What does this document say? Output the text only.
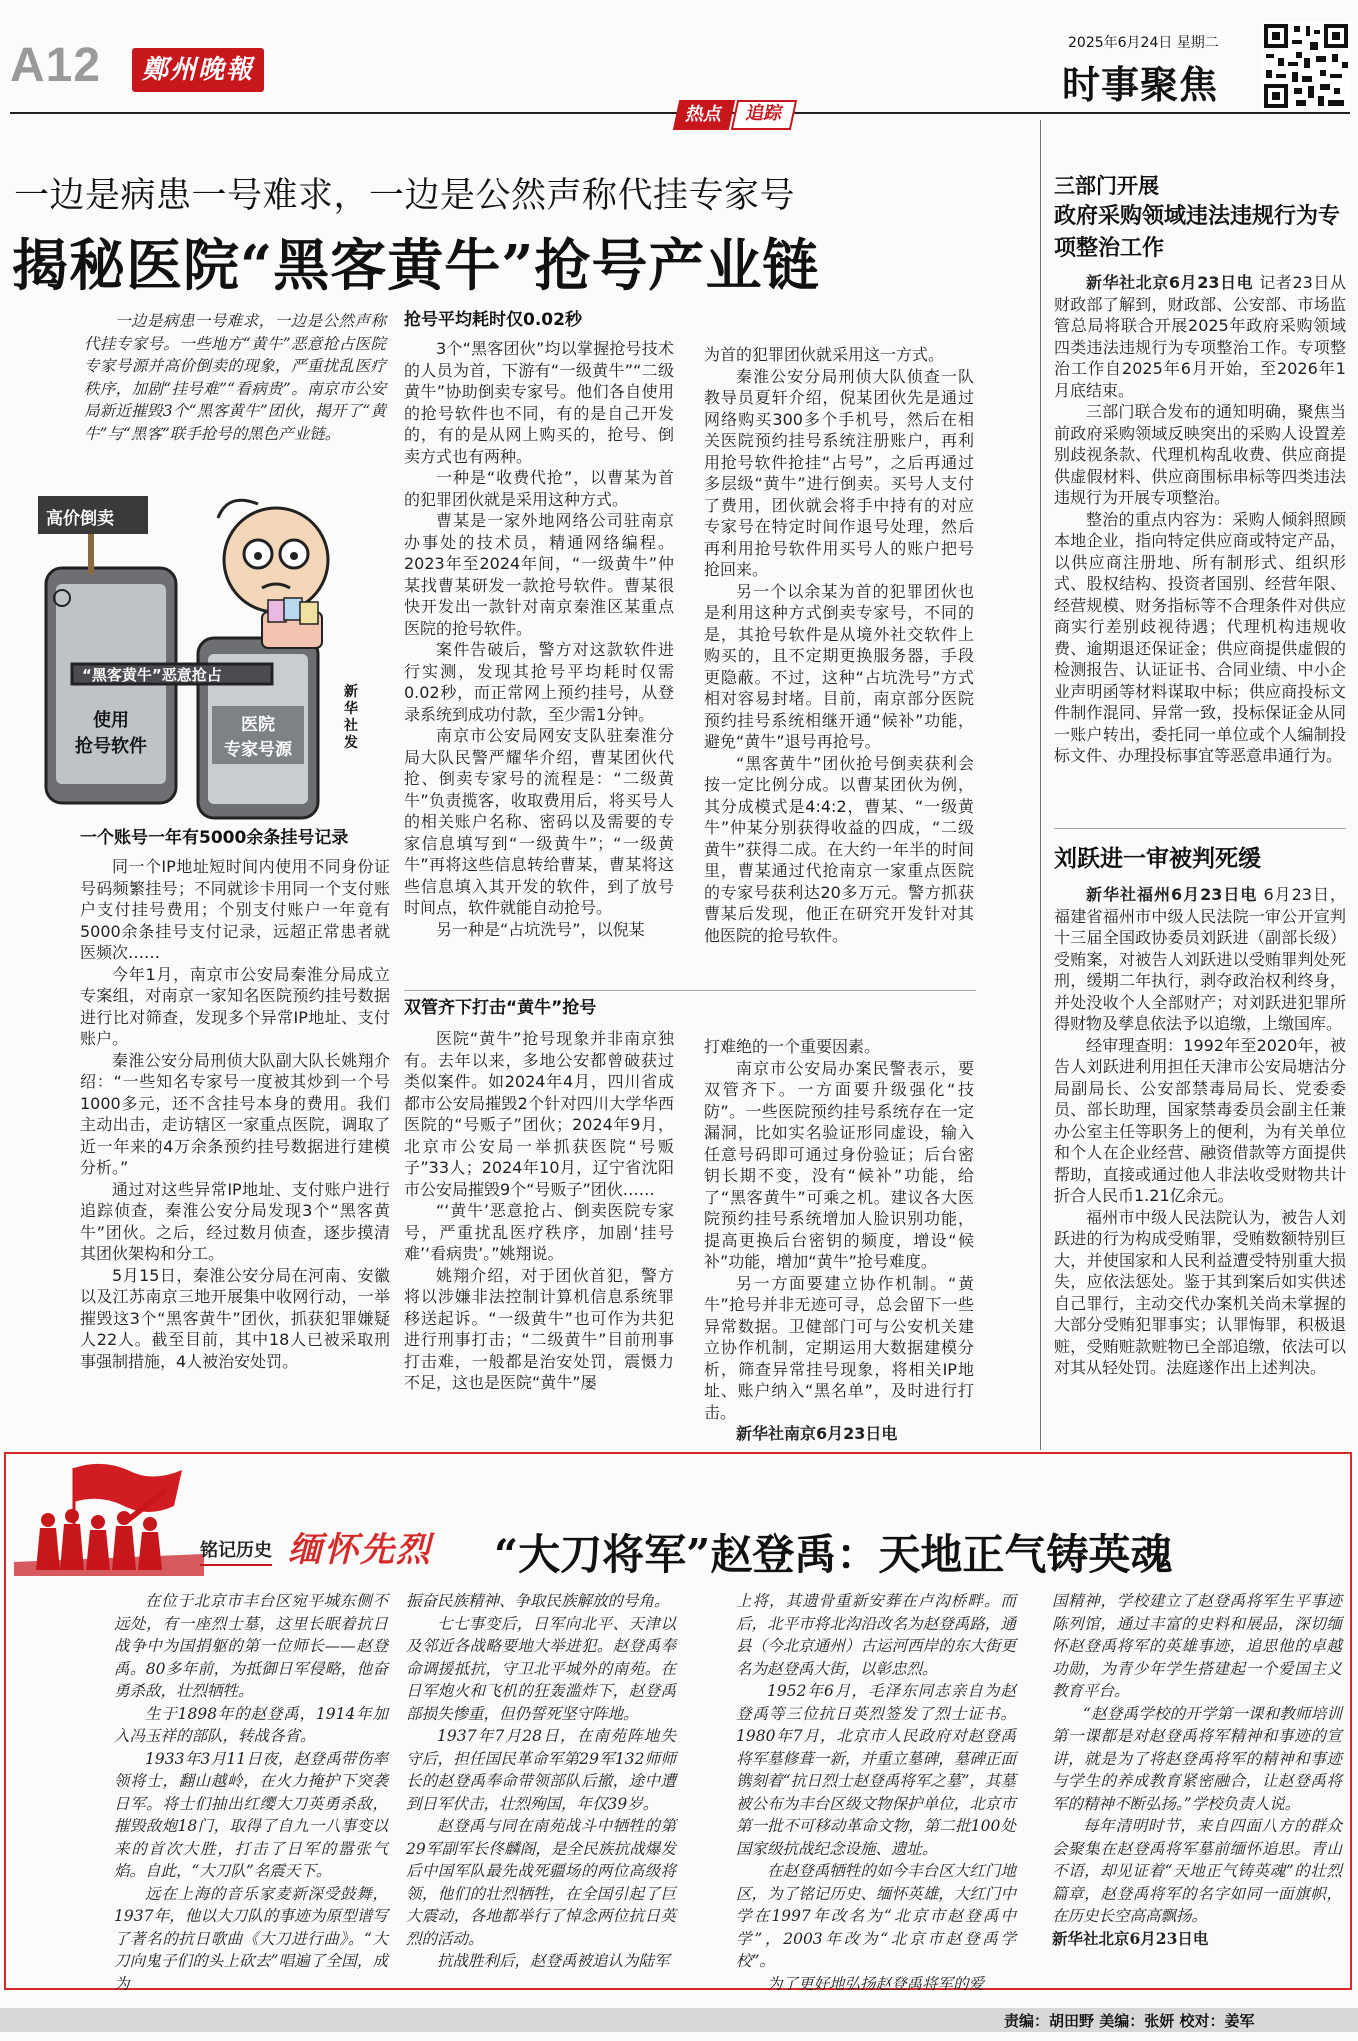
A12	鄭州晚報
2025年6月24日 星期二
时事聚焦
热点	追踪
一边是病患一号难求，一边是公然声称代挂专家号
揭秘医院“黑客黄牛”抢号产业链
一边是病患一号难求，一边是公然声称代挂专家号。一些地方“黄牛”恶意抢占医院专家号源并高价倒卖的现象，严重扰乱医疗秩序，加剧“挂号难”“看病贵”。南京市公安局新近摧毁3个“黑客黄牛”团伙，揭开了“黄牛”与“黑客”联手抢号的黑色产业链。
高价倒卖
“黑客黄牛”恶意抢占
使用
抢号软件
医院
专家号源
新华社发

一个账号一年有5000余条挂号记录

同一个IP地址短时间内使用不同身份证号码频繁挂号；不同就诊卡用同一个支付账户支付挂号费用；个别支付账户一年竟有5000余条挂号支付记录，远超正常患者就医频次……

今年1月，南京市公安局秦淮分局成立专案组，对南京一家知名医院预约挂号数据进行比对筛查，发现多个异常IP地址、支付账户。

秦淮公安分局刑侦大队副大队长姚翔介绍：“一些知名专家号一度被其炒到一个号1000多元，还不含挂号本身的费用。我们主动出击，走访辖区一家重点医院，调取了近一年来的4万余条预约挂号数据进行建模分析。”

通过对这些异常IP地址、支付账户进行追踪侦查，秦淮公安分局发现3个“黑客黄牛”团伙。之后，经过数月侦查，逐步摸清其团伙架构和分工。

5月15日，秦淮公安分局在河南、安徽以及江苏南京三地开展集中收网行动，一举摧毁这3个“黑客黄牛”团伙，抓获犯罪嫌疑人22人。截至目前，其中18人已被采取刑事强制措施，4人被治安处罚。

抢号平均耗时仅0.02秒

3个“黑客团伙”均以掌握抢号技术的人员为首，下游有“一级黄牛”“二级黄牛”协助倒卖专家号。他们各自使用的抢号软件也不同，有的是自己开发的，有的是从网上购买的，抢号、倒卖方式也有两种。

一种是“收费代抢”，以曹某为首的犯罪团伙就是采用这种方式。

曹某是一家外地网络公司驻南京办事处的技术员，精通网络编程。2023年至2024年间，“一级黄牛”仲某找曹某研发一款抢号软件。曹某很快开发出一款针对南京秦淮区某重点医院的抢号软件。

案件告破后，警方对这款软件进行实测，发现其抢号平均耗时仅需0.02秒，而正常网上预约挂号，从登录系统到成功付款，至少需1分钟。

南京市公安局网安支队驻秦淮分局大队民警严耀华介绍，曹某团伙代抢、倒卖专家号的流程是：“二级黄牛”负责揽客，收取费用后，将买号人的相关账户名称、密码以及需要的专家信息填写到“一级黄牛”；“一级黄牛”再将这些信息转给曹某，曹某将这些信息填入其开发的软件，到了放号时间点，软件就能自动抢号。

另一种是“占坑洗号”，以倪某

为首的犯罪团伙就采用这一方式。

秦淮公安分局刑侦大队侦查一队教导员夏轩介绍，倪某团伙先是通过网络购买300多个手机号，然后在相关医院预约挂号系统注册账户，再利用抢号软件抢挂“占号”，之后再通过多层级“黄牛”进行倒卖。买号人支付了费用，团伙就会将手中持有的对应专家号在特定时间作退号处理，然后再利用抢号软件用买号人的账户把号抢回来。

另一个以余某为首的犯罪团伙也是利用这种方式倒卖专家号，不同的是，其抢号软件是从境外社交软件上购买的，且不定期更换服务器，手段更隐蔽。不过，这种“占坑洗号”方式相对容易封堵。目前，南京部分医院预约挂号系统相继开通“候补”功能，避免“黄牛”退号再抢号。

“黑客黄牛”团伙抢号倒卖获利会按一定比例分成。以曹某团伙为例，其分成模式是4:4:2，曹某、“一级黄牛”仲某分别获得收益的四成，“二级黄牛”获得二成。在大约一年半的时间里，曹某通过代抢南京一家重点医院的专家号获利达20多万元。警方抓获曹某后发现，他正在研究开发针对其他医院的抢号软件。

双管齐下打击“黄牛”抢号

医院“黄牛”抢号现象并非南京独有。去年以来，多地公安都曾破获过类似案件。如2024年4月，四川省成都市公安局摧毁2个针对四川大学华西医院的“号贩子”团伙；2024年9月，北京市公安局一举抓获医院“号贩子”33人；2024年10月，辽宁省沈阳市公安局摧毁9个“号贩子”团伙……

“‘黄牛’恶意抢占、倒卖医院专家号，严重扰乱医疗秩序，加剧‘挂号难’‘看病贵’。”姚翔说。

姚翔介绍，对于团伙首犯，警方将以涉嫌非法控制计算机信息系统罪移送起诉。“一级黄牛”也可作为共犯进行刑事打击；“二级黄牛”目前刑事打击难，一般都是治安处罚，震慑力不足，这也是医院“黄牛”屡

打难绝的一个重要因素。

南京市公安局办案民警表示，要双管齐下。一方面要升级强化“技防”。一些医院预约挂号系统存在一定漏洞，比如实名验证形同虚设，输入任意号码即可通过身份验证；后台密钥长期不变，没有“候补”功能，给了“黑客黄牛”可乘之机。建议各大医院预约挂号系统增加人脸识别功能，提高更换后台密钥的频度，增设“候补”功能，增加“黄牛”抢号难度。

另一方面要建立协作机制。“黄牛”抢号并非无迹可寻，总会留下一些异常数据。卫健部门可与公安机关建立协作机制，定期运用大数据建模分析，筛查异常挂号现象，将相关IP地址、账户纳入“黑名单”，及时进行打击。

新华社南京6月23日电

三部门开展
政府采购领域违法违规行为专项整治工作

新华社北京6月23日电 记者23日从财政部了解到，财政部、公安部、市场监管总局将联合开展2025年政府采购领域四类违法违规行为专项整治工作。专项整治工作自2025年6月开始，至2026年1月底结束。

三部门联合发布的通知明确，聚焦当前政府采购领域反映突出的采购人设置差别歧视条款、代理机构乱收费、供应商提供虚假材料、供应商围标串标等四类违法违规行为开展专项整治。

整治的重点内容为：采购人倾斜照顾本地企业，指向特定供应商或特定产品，以供应商注册地、所有制形式、组织形式、股权结构、投资者国别、经营年限、经营规模、财务指标等不合理条件对供应商实行差别歧视待遇；代理机构违规收费、逾期退还保证金；供应商提供虚假的检测报告、认证证书、合同业绩、中小企业声明函等材料谋取中标；供应商投标文件制作混同、异常一致，投标保证金从同一账户转出，委托同一单位或个人编制投标文件、办理投标事宜等恶意串通行为。

刘跃进一审被判死缓

新华社福州6月23日电 6月23日，福建省福州市中级人民法院一审公开宣判十三届全国政协委员刘跃进（副部长级）受贿案，对被告人刘跃进以受贿罪判处死刑，缓期二年执行，剥夺政治权利终身，并处没收个人全部财产；对刘跃进犯罪所得财物及孳息依法予以追缴，上缴国库。

经审理查明：1992年至2020年，被告人刘跃进利用担任天津市公安局塘沽分局副局长、公安部禁毒局局长、党委委员、部长助理，国家禁毒委员会副主任兼办公室主任等职务上的便利，为有关单位和个人在企业经营、融资借款等方面提供帮助，直接或通过他人非法收受财物共计折合人民币1.21亿余元。

福州市中级人民法院认为，被告人刘跃进的行为构成受贿罪，受贿数额特别巨大，并使国家和人民利益遭受特别重大损失，应依法惩处。鉴于其到案后如实供述自己罪行，主动交代办案机关尚未掌握的大部分受贿犯罪事实；认罪悔罪，积极退赃，受贿赃款赃物已全部追缴，依法可以对其从轻处罚。法庭遂作出上述判决。

铭记历史 缅怀先烈 “大刀将军”赵登禹：天地正气铸英魂

在位于北京市丰台区宛平城东侧不远处，有一座烈士墓，这里长眠着抗日战争中为国捐躯的第一位师长——赵登禹。80多年前，为抵御日军侵略，他奋勇杀敌，壮烈牺牲。

生于1898年的赵登禹，1914年加入冯玉祥的部队，转战各省。

1933年3月11日夜，赵登禹带伤率领将士，翻山越岭，在火力掩护下突袭日军。将士们抽出红缨大刀英勇杀敌，摧毁敌炮18门，取得了自九一八事变以来的首次大胜，打击了日军的嚣张气焰。自此，“大刀队”名震天下。

远在上海的音乐家麦新深受鼓舞，1937年，他以大刀队的事迹为原型谱写了著名的抗日歌曲《大刀进行曲》。“大刀向鬼子们的头上砍去”唱遍了全国，成为

振奋民族精神、争取民族解放的号角。

七七事变后，日军向北平、天津以及邻近各战略要地大举进犯。赵登禹奉命调援抵抗，守卫北平城外的南苑。在日军炮火和飞机的狂轰滥炸下，赵登禹部损失惨重，但仍誓死坚守阵地。

1937年7月28日，在南苑阵地失守后，担任国民革命军第29军132师师长的赵登禹奉命带领部队后撤，途中遭到日军伏击，壮烈殉国，年仅39岁。

赵登禹与同在南苑战斗中牺牲的第29军副军长佟麟阁，是全民族抗战爆发后中国军队最先战死疆场的两位高级将领，他们的壮烈牺牲，在全国引起了巨大震动，各地都举行了悼念两位抗日英烈的活动。

抗战胜利后，赵登禹被追认为陆军

上将，其遗骨重新安葬在卢沟桥畔。而后，北平市将北沟沿改名为赵登禹路，通县（今北京通州）古运河西岸的东大街更名为赵登禹大街，以彰忠烈。

1952年6月，毛泽东同志亲自为赵登禹等三位抗日英烈签发了烈士证书。1980年7月，北京市人民政府对赵登禹将军墓修葺一新，并重立墓碑，墓碑正面镌刻着“抗日烈士赵登禹将军之墓”，其墓被公布为丰台区级文物保护单位，北京市第一批不可移动革命文物，第二批100处国家级抗战纪念设施、遗址。

在赵登禹牺牲的如今丰台区大红门地区，为了铭记历史、缅怀英雄，大红门中学在1997年改名为“北京市赵登禹中学”，2003年改为“北京市赵登禹学校”。

为了更好地弘扬赵登禹将军的爱

国精神，学校建立了赵登禹将军生平事迹陈列馆，通过丰富的史料和展品，深切缅怀赵登禹将军的英雄事迹，追思他的卓越功勋，为青少年学生搭建起一个爱国主义教育平台。

“赵登禹学校的开学第一课和教师培训第一课都是对赵登禹将军精神和事迹的宣讲，就是为了将赵登禹将军的精神和事迹与学生的养成教育紧密融合，让赵登禹将军的精神不断弘扬。”学校负责人说。

每年清明时节，来自四面八方的群众会聚集在赵登禹将军墓前缅怀追思。青山不语，却见证着“天地正气铸英魂”的壮烈篇章，赵登禹将军的名字如同一面旗帜，在历史长空高高飘扬。

新华社北京6月23日电

责编：胡田野 美编：张妍 校对：姜军
